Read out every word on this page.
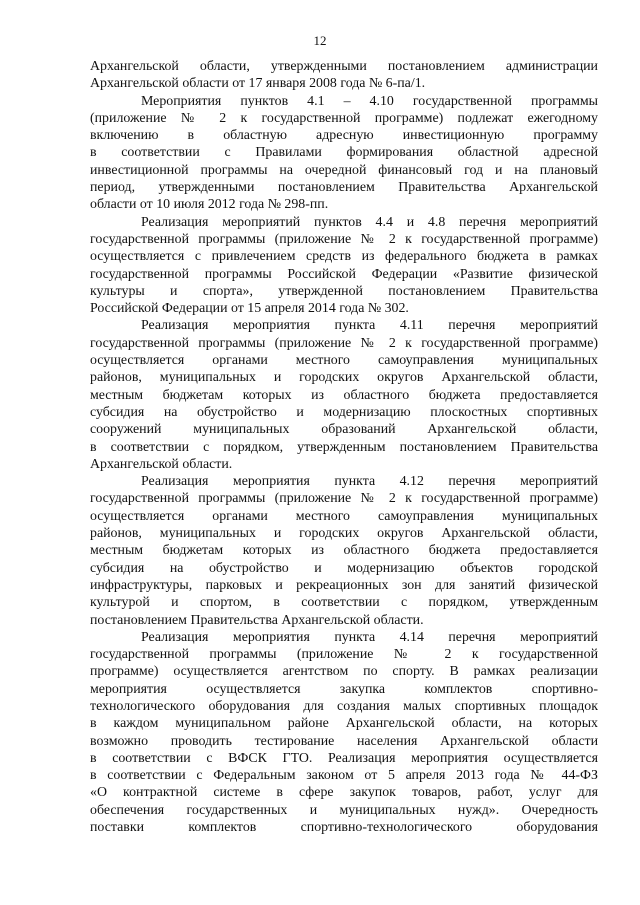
12
Архангельской области, утвержденными постановлением администрации
Архангельской области от 17 января 2008 года № 6-па/1.
Мероприятия пунктов 4.1 – 4.10 государственной программы
(приложение № 2 к государственной программе) подлежат ежегодному
включению в областную адресную инвестиционную программу
в соответствии с Правилами формирования областной адресной
инвестиционной программы на очередной финансовый год и на плановый
период, утвержденными постановлением Правительства Архангельской
области от 10 июля 2012 года № 298-пп.
Реализация мероприятий пунктов 4.4 и 4.8 перечня мероприятий
государственной программы (приложение № 2 к государственной программе)
осуществляется с привлечением средств из федерального бюджета в рамках
государственной программы Российской Федерации «Развитие физической
культуры и спорта», утвержденной постановлением Правительства
Российской Федерации от 15 апреля 2014 года № 302.
Реализация мероприятия пункта 4.11 перечня мероприятий
государственной программы (приложение № 2 к государственной программе)
осуществляется органами местного самоуправления муниципальных
районов, муниципальных и городских округов Архангельской области,
местным бюджетам которых из областного бюджета предоставляется
субсидия на обустройство и модернизацию плоскостных спортивных
сооружений муниципальных образований Архангельской области,
в соответствии с порядком, утвержденным постановлением Правительства
Архангельской области.
Реализация мероприятия пункта 4.12 перечня мероприятий
государственной программы (приложение № 2 к государственной программе)
осуществляется органами местного самоуправления муниципальных
районов, муниципальных и городских округов Архангельской области,
местным бюджетам которых из областного бюджета предоставляется
субсидия на обустройство и модернизацию объектов городской
инфраструктуры, парковых и рекреационных зон для занятий физической
культурой и спортом, в соответствии с порядком, утвержденным
постановлением Правительства Архангельской области.
Реализация мероприятия пункта 4.14 перечня мероприятий
государственной программы (приложение № 2 к государственной
программе) осуществляется агентством по спорту. В рамках реализации
мероприятия осуществляется закупка комплектов спортивно-
технологического оборудования для создания малых спортивных площадок
в каждом муниципальном районе Архангельской области, на которых
возможно проводить тестирование населения Архангельской области
в соответствии с ВФСК ГТО. Реализация мероприятия осуществляется
в соответствии с Федеральным законом от 5 апреля 2013 года № 44-ФЗ
«О контрактной системе в сфере закупок товаров, работ, услуг для
обеспечения государственных и муниципальных нужд». Очередность
поставки комплектов спортивно-технологического оборудования
